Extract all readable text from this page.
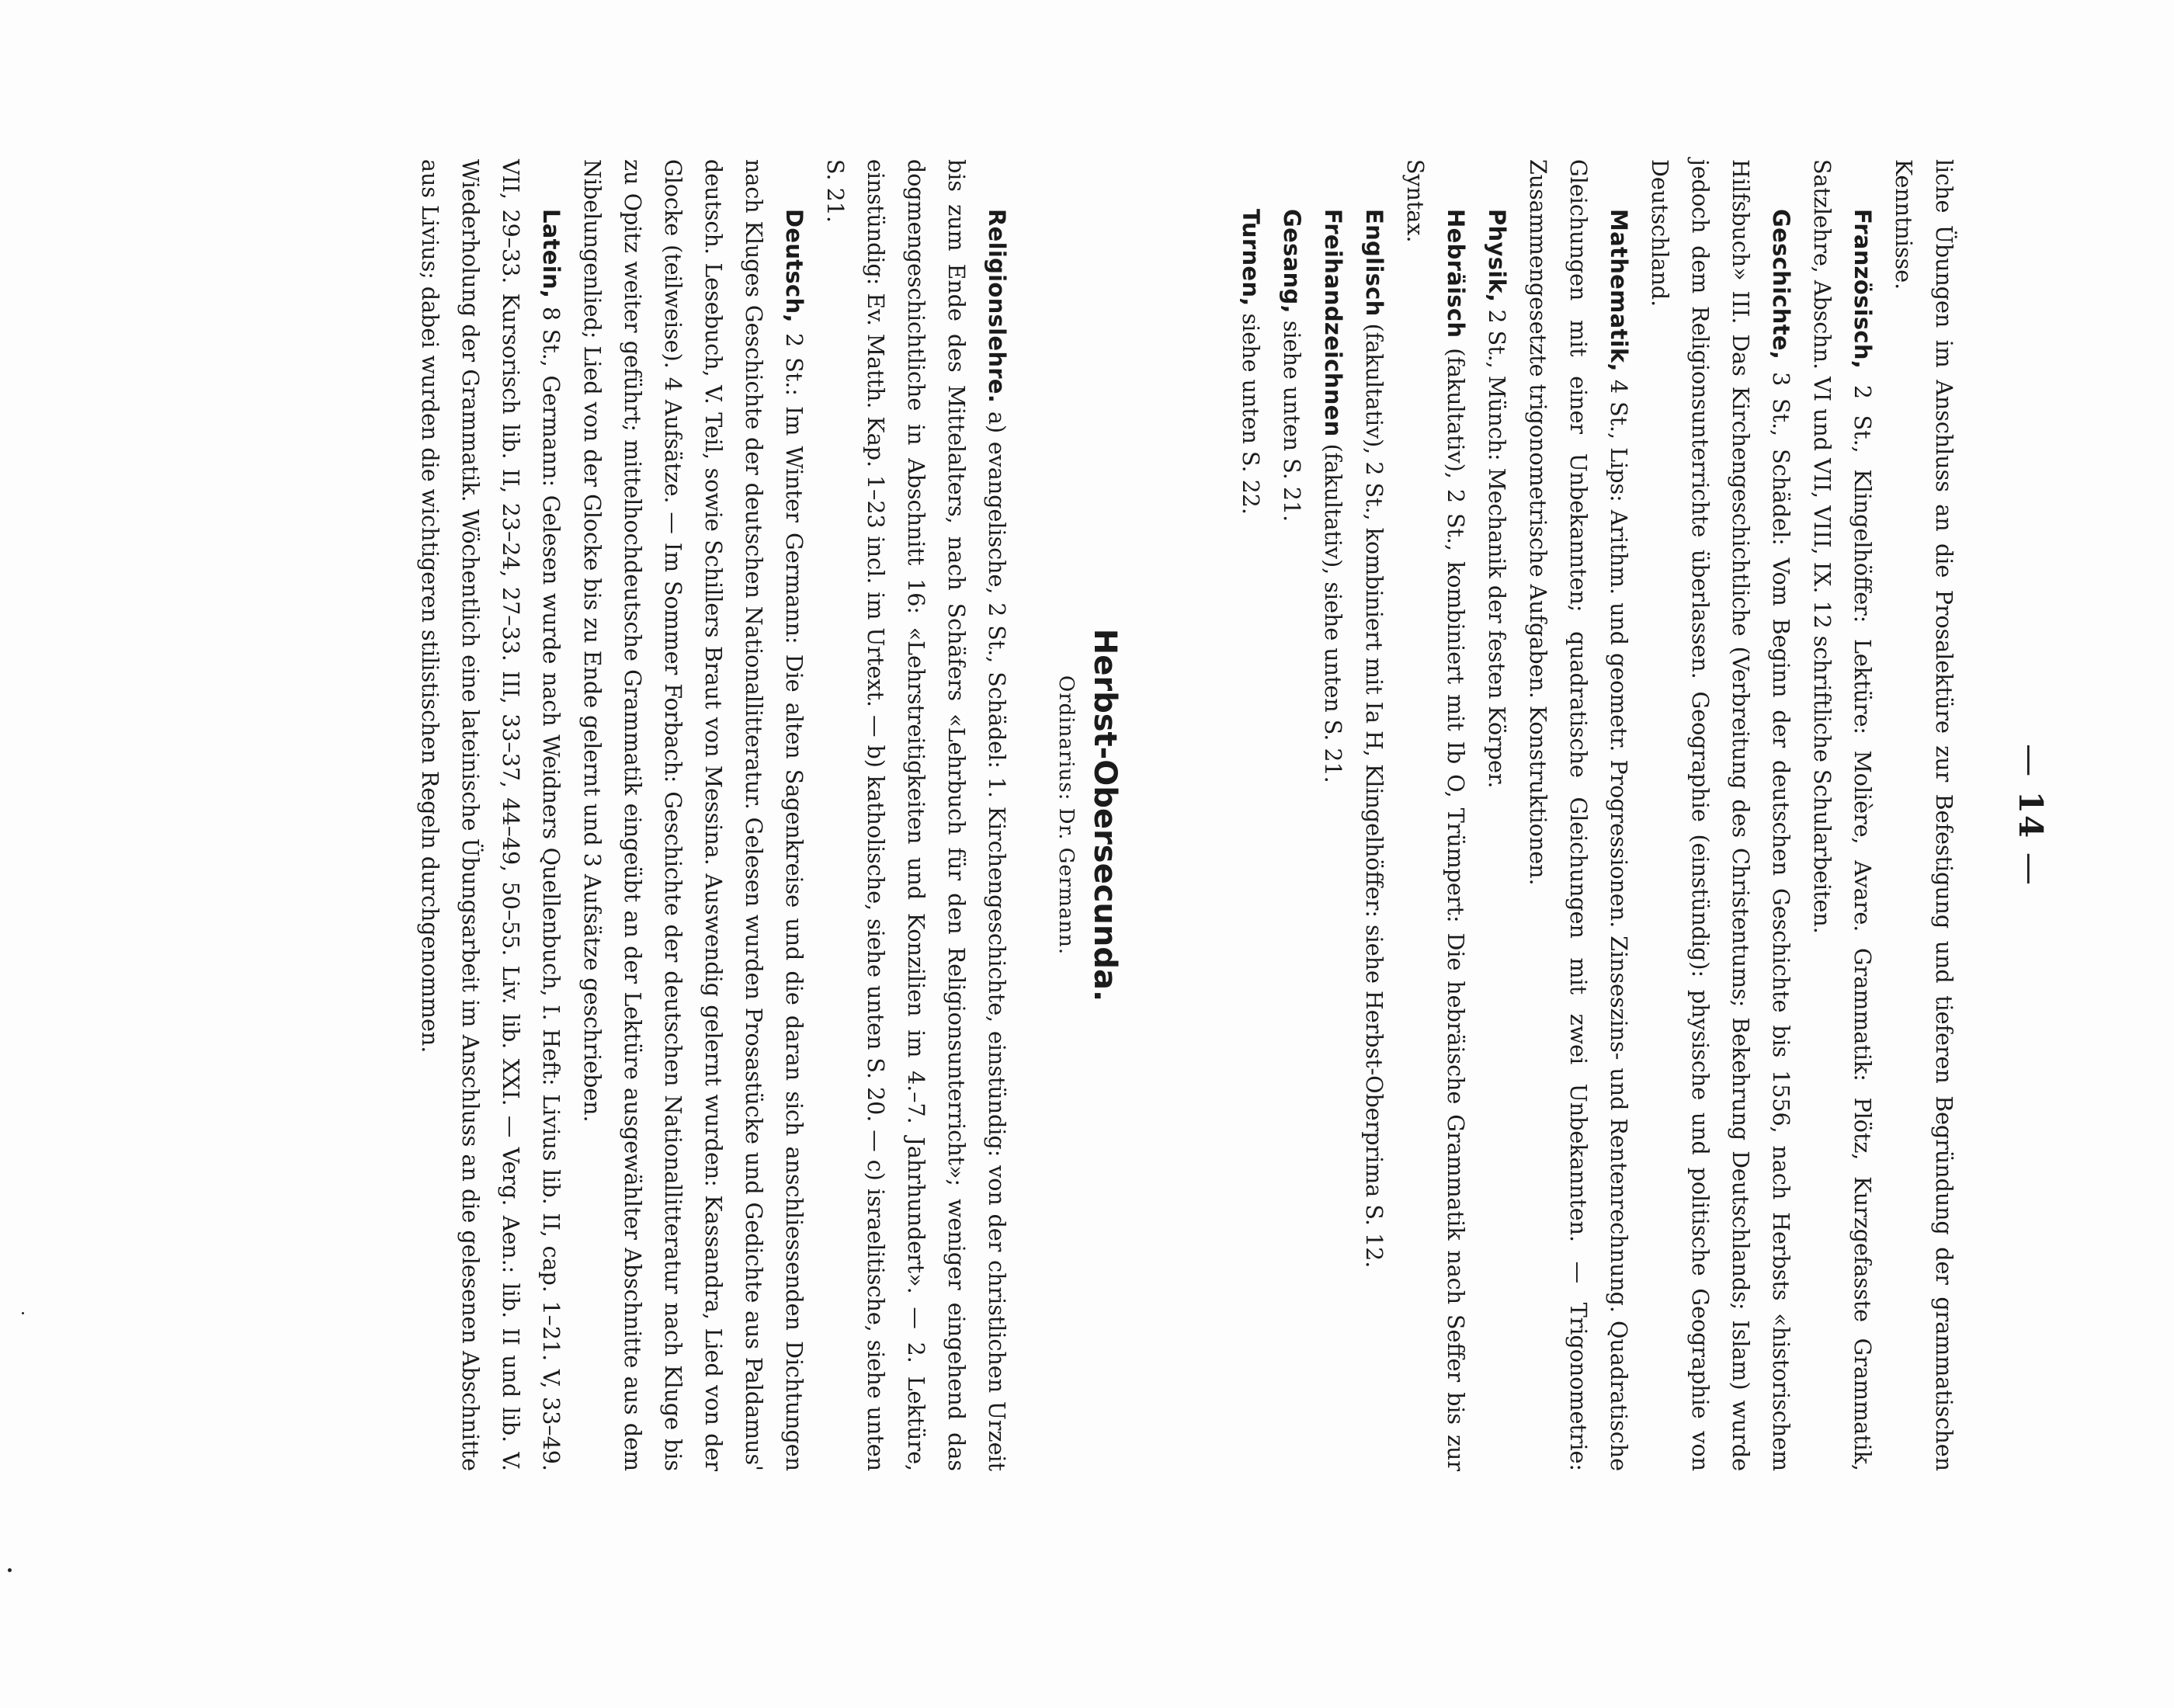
— 14 —

liche Übungen im Anschluss an die Prosalektüre zur Befestigung und tieferen Begründung der grammatischen Kenntnisse.

Französisch, 2 St., Klingelhöffer: Lektüre: Molière, Avare. Grammatik: Plötz, Kurzgefasste Grammatik, Satzlehre, Abschn. VI und VII, VIII, IX. 12 schriftliche Schularbeiten.

Geschichte, 3 St., Schädel: Vom Beginn der deutschen Geschichte bis 1556, nach Herbsts «historischem Hilfsbuch» III. Das Kirchengeschichtliche (Verbreitung des Christentums; Bekehrung Deutschlands; Islam) wurde jedoch dem Religionsunterrichte überlassen. Geographie (einstündig): physische und politische Geographie von Deutschland.

Mathematik, 4 St., Lips: Arithm. und geometr. Progressionen. Zinseszins- und Rentenrechnung. Quadratische Gleichungen mit einer Unbekannten; quadratische Gleichungen mit zwei Unbekannten. — Trigonometrie: Zusammengesetzte trigonometrische Aufgaben. Konstruktionen.

Physik, 2 St., Münch: Mechanik der festen Körper.

Hebräisch (fakultativ), 2 St., kombiniert mit Ib O, Trümpert: Die hebräische Grammatik nach Seffer bis zur Syntax.

Englisch (fakultativ), 2 St., kombiniert mit Ia H, Klingelhöffer: siehe Herbst-Oberprima S. 12.

Freihandzeichnen (fakultativ), siehe unten S. 21.

Gesang, siehe unten S. 21.

Turnen, siehe unten S. 22.

Herbst-Obersecunda.
Ordinarius: Dr. Germann.

Religionslehre. a) evangelische, 2 St., Schädel: 1. Kirchengeschichte, einstündig: von der christlichen Urzeit bis zum Ende des Mittelalters, nach Schäfers «Lehrbuch für den Religionsunterricht»; weniger eingehend das dogmengeschichtliche in Abschnitt 16: «Lehrstreitigkeiten und Konzilien im 4.–7. Jahrhundert». — 2. Lektüre, einstündig: Ev. Matth. Kap. 1–23 incl. im Urtext. — b) katholische, siehe unten S. 20. — c) israelitische, siehe unten S. 21.

Deutsch, 2 St.: Im Winter Germann: Die alten Sagenkreise und die daran sich anschliessenden Dichtungen nach Kluges Geschichte der deutschen Nationallitteratur. Gelesen wurden Prosastücke und Gedichte aus Paldamus' deutsch. Lesebuch, V. Teil, sowie Schillers Braut von Messina. Auswendig gelernt wurden: Kassandra, Lied von der Glocke (teilweise). 4 Aufsätze. — Im Sommer Forbach: Geschichte der deutschen Nationallitteratur nach Kluge bis zu Opitz weiter geführt; mittelhochdeutsche Grammatik eingeübt an der Lektüre ausgewählter Abschnitte aus dem Nibelungenlied; Lied von der Glocke bis zu Ende gelernt und 3 Aufsätze geschrieben.

Latein, 8 St., Germann: Gelesen wurde nach Weidners Quellenbuch, I. Heft: Livius lib. II, cap. 1–21. V, 33–49. VII, 29–33. Kursorisch lib. II, 23–24, 27–33. III, 33–37, 44–49, 50–55. Liv. lib. XXI. — Verg. Aen.: lib. II und lib. V. Wiederholung der Grammatik. Wöchentlich eine lateinische Übungsarbeit im Anschluss an die gelesenen Abschnitte aus Livius; dabei wurden die wichtigeren stilistischen Regeln durchgenommen.
